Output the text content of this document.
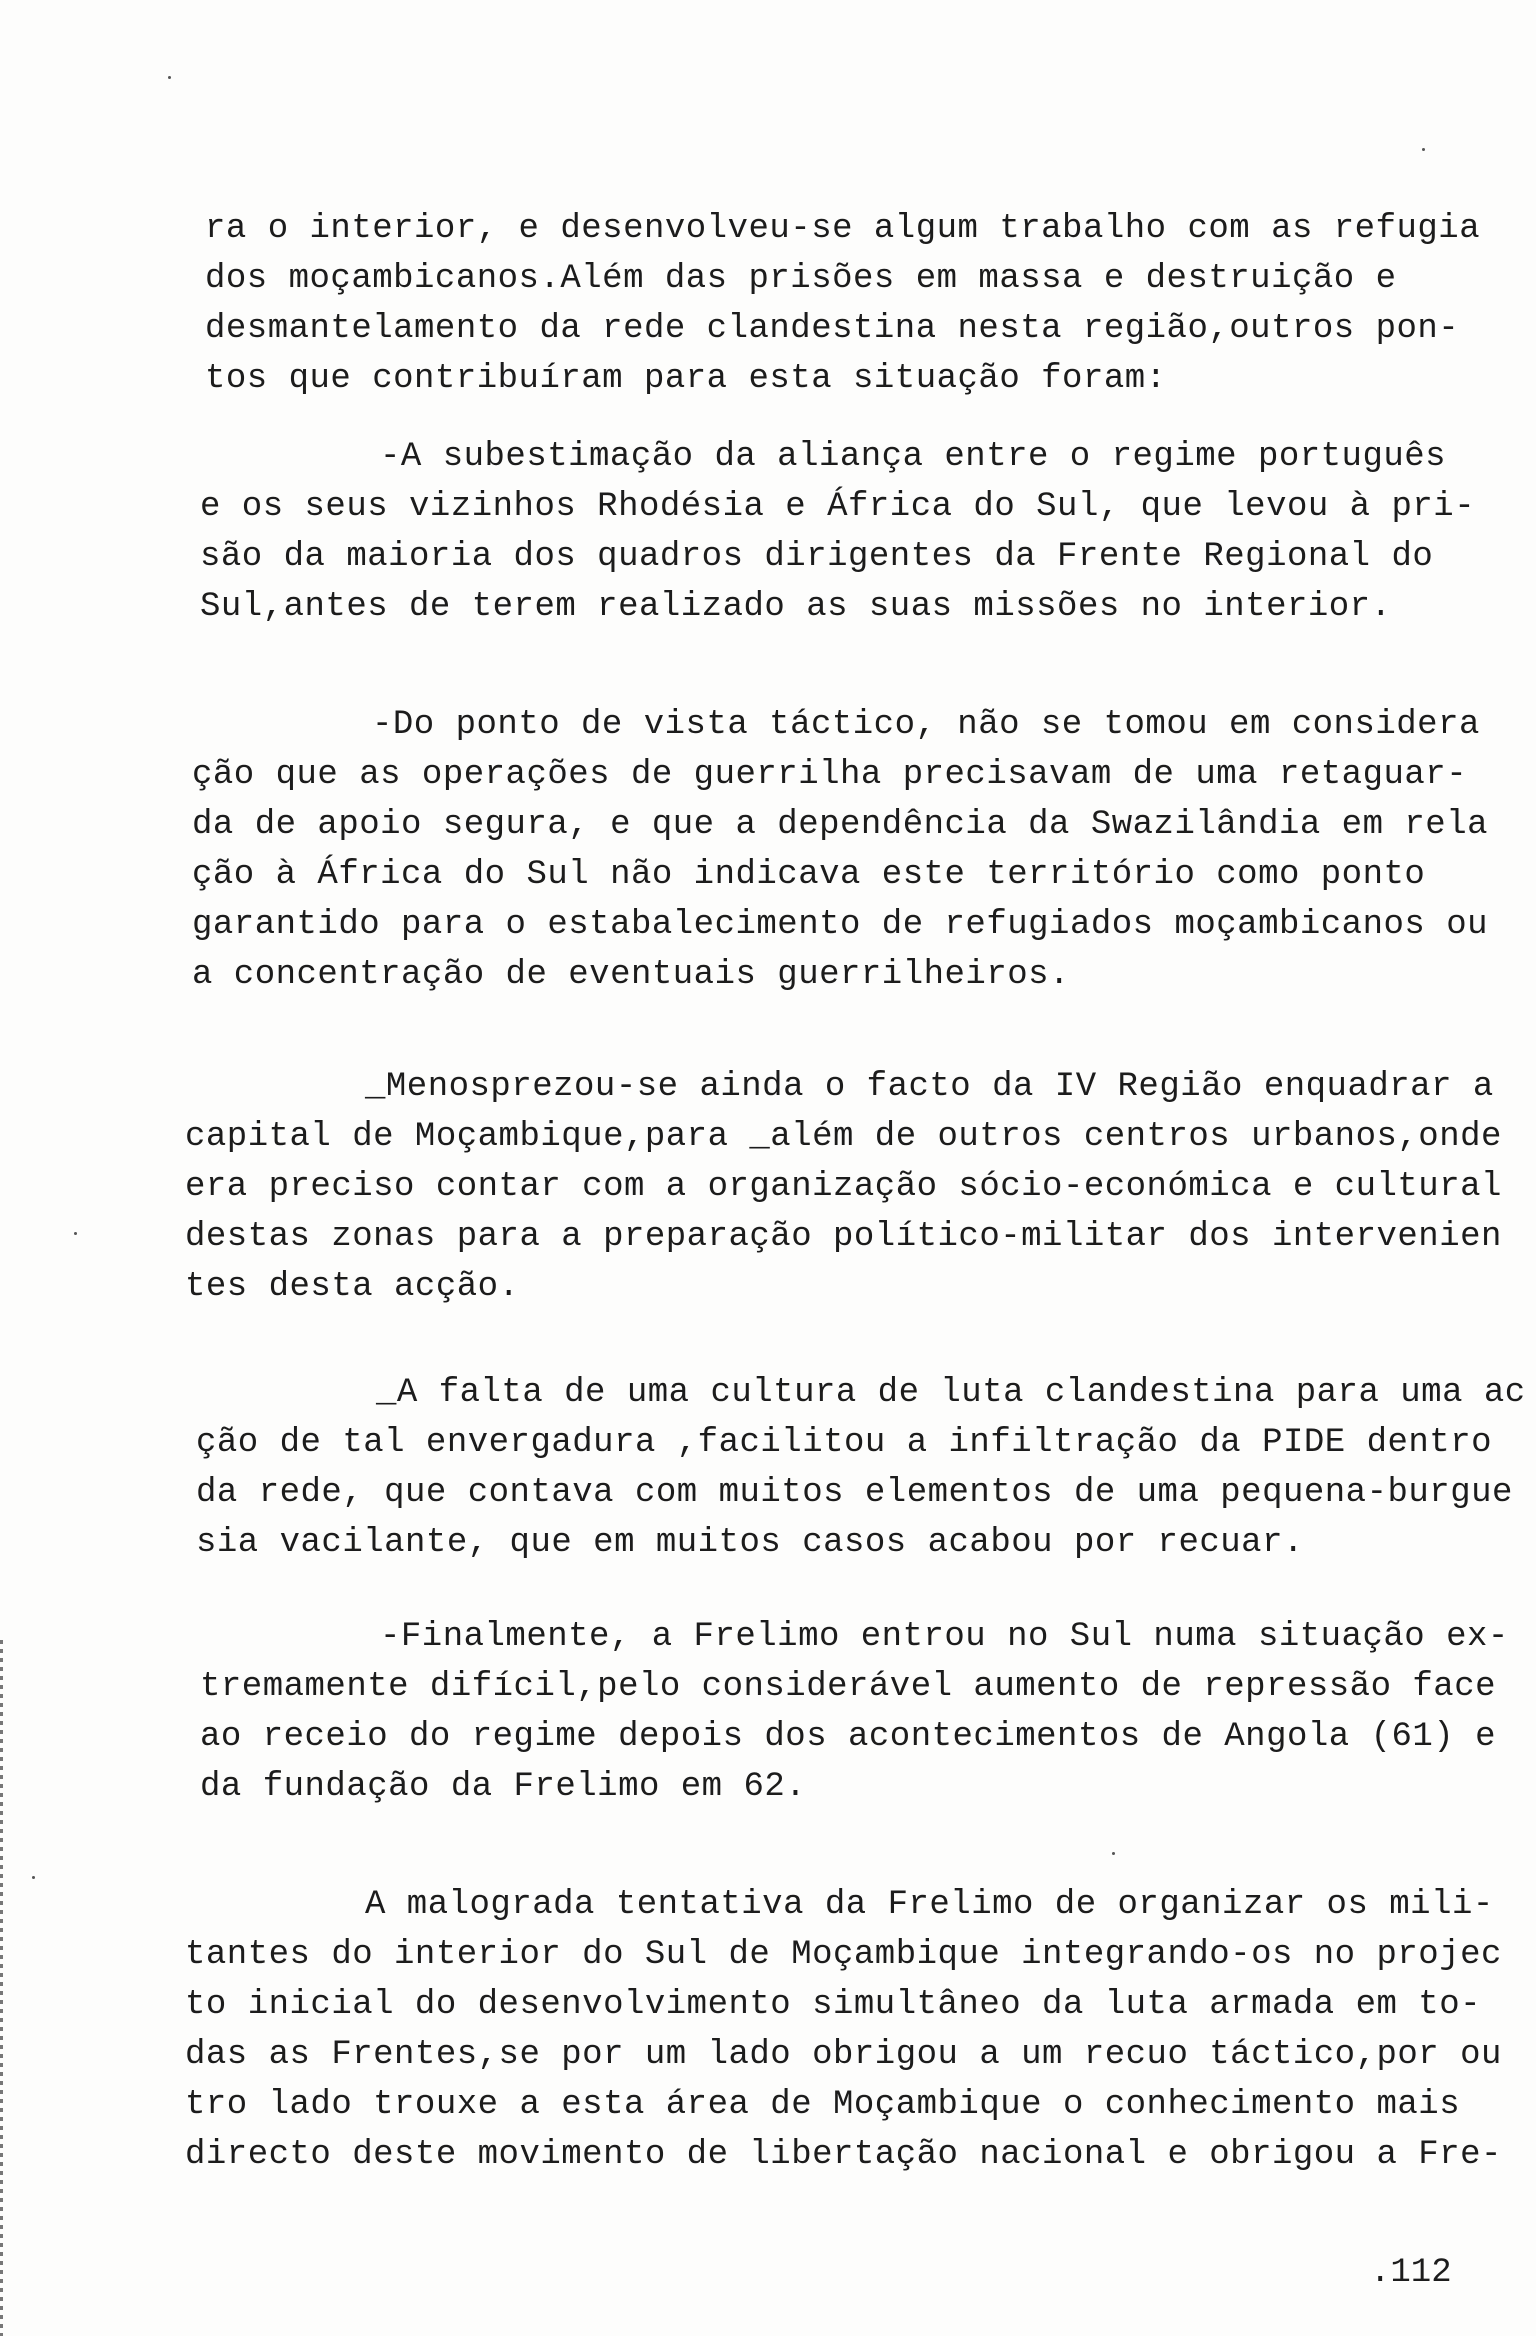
ra o interior, e desenvolveu-se algum trabalho com as refugia
dos moçambicanos.Além das prisões em massa e destruição e
desmantelamento da rede clandestina nesta região,outros pon-
tos que contribuíram para esta situação foram:
-A subestimação da aliança entre o regime português
e os seus vizinhos Rhodésia e África do Sul, que levou à pri-
são da maioria dos quadros dirigentes da Frente Regional do
Sul,antes de terem realizado as suas missões no interior.
-Do ponto de vista táctico, não se tomou em considera
ção que as operações de guerrilha precisavam de uma retaguar-
da de apoio segura, e que a dependência da Swazilândia em rela
ção à África do Sul não indicava este território como ponto
garantido para o estabalecimento de refugiados moçambicanos ou
a concentração de eventuais guerrilheiros.
_Menosprezou-se ainda o facto da IV Região enquadrar a
capital de Moçambique,para _além de outros centros urbanos,onde
era preciso contar com a organização sócio-económica e cultural
destas zonas para a preparação político-militar dos intervenien
tes desta acção.
_A falta de uma cultura de luta clandestina para uma ac
ção de tal envergadura ,facilitou a infiltração da PIDE dentro
da rede, que contava com muitos elementos de uma pequena-burgue
sia vacilante, que em muitos casos acabou por recuar.
-Finalmente, a Frelimo entrou no Sul numa situação ex-
tremamente difícil,pelo considerável aumento de repressão face
ao receio do regime depois dos acontecimentos de Angola (61) e
da fundação da Frelimo em 62.
A malograda tentativa da Frelimo de organizar os mili-
tantes do interior do Sul de Moçambique integrando-os no projec
to inicial do desenvolvimento simultâneo da luta armada em to-
das as Frentes,se por um lado obrigou a um recuo táctico,por ou
tro lado trouxe a esta área de Moçambique o conhecimento mais
directo deste movimento de libertação nacional e obrigou a Fre-
.112
